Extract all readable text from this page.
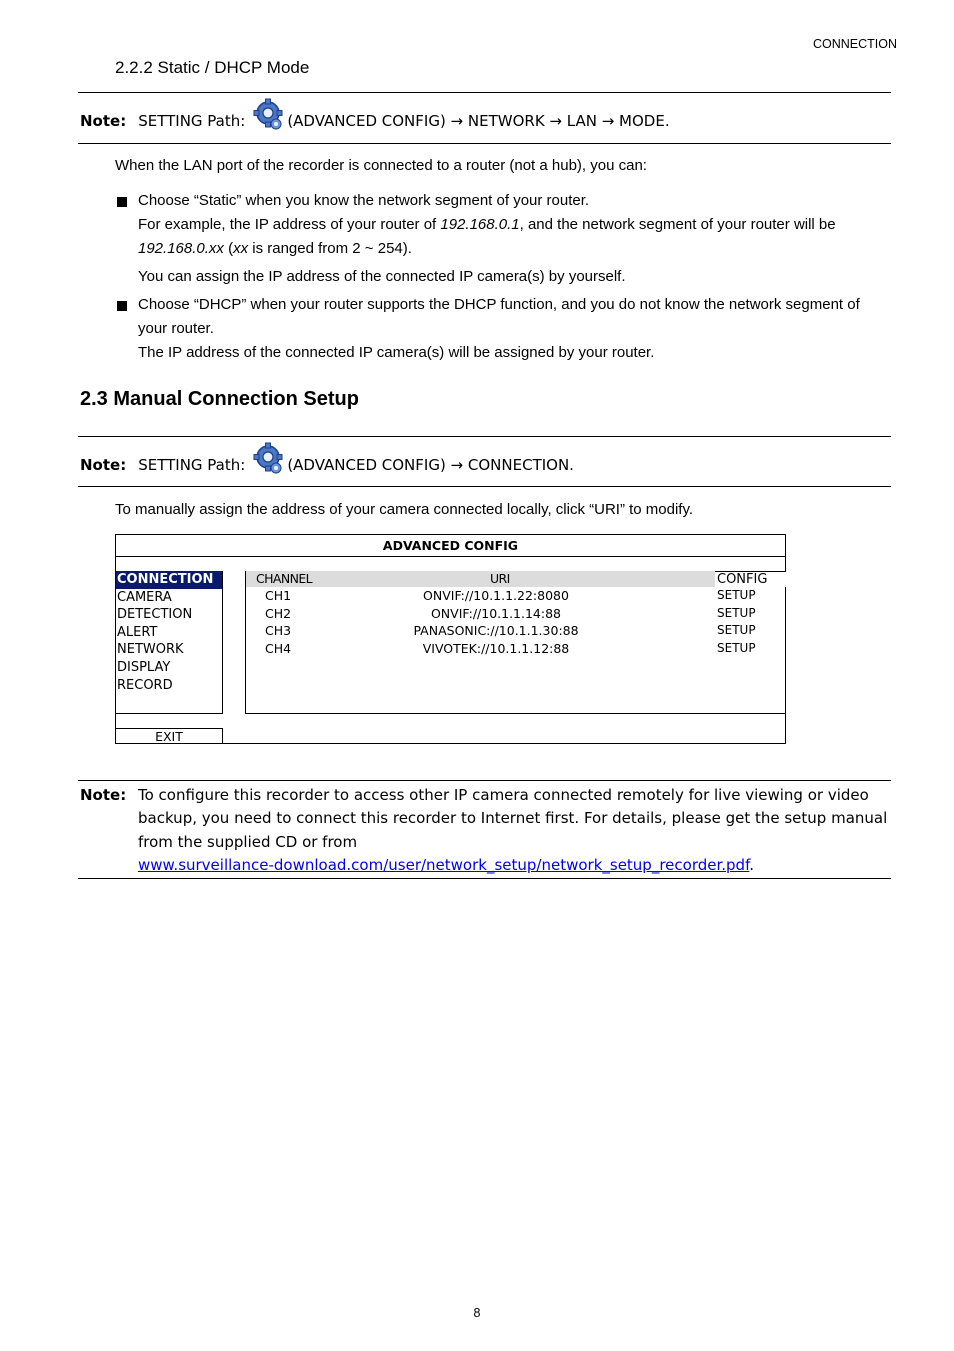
CONNECTION
2.2.2 Static / DHCP Mode
Note: SETTING Path:	(ADVANCED CONFIG) → NETWORK → LAN → MODE.
When the LAN port of the recorder is connected to a router (not a hub), you can:
Choose “Static” when you know the network segment of your router.
For example, the IP address of your router of 192.168.0.1, and the network segment of your router will be
192.168.0.xx (xx is ranged from 2 ~ 254).
You can assign the IP address of the connected IP camera(s) by yourself.
Choose “DHCP” when your router supports the DHCP function, and you do not know the network segment of
your router.
The IP address of the connected IP camera(s) will be assigned by your router.
2.3 Manual Connection Setup
Note: SETTING Path:	(ADVANCED CONFIG) → CONNECTION.
To manually assign the address of your camera connected locally, click “URI” to modify.
ADVANCED CONFIG
CONNECTION
CAMERA
DETECTION
ALERT
NETWORK
DISPLAY
RECORD
EXIT
CHANNEL	URI	CONFIG
CH1	ONVIF://10.1.1.22:8080	SETUP
CH2	ONVIF://10.1.1.14:88	SETUP
CH3	PANASONIC://10.1.1.30:88	SETUP
CH4	VIVOTEK://10.1.1.12:88	SETUP
Note: To configure this recorder to access other IP camera connected remotely for live viewing or video backup, you need to connect this recorder to Internet first. For details, please get the setup manual from the supplied CD or from
www.surveillance-download.com/user/network_setup/network_setup_recorder.pdf.
8
